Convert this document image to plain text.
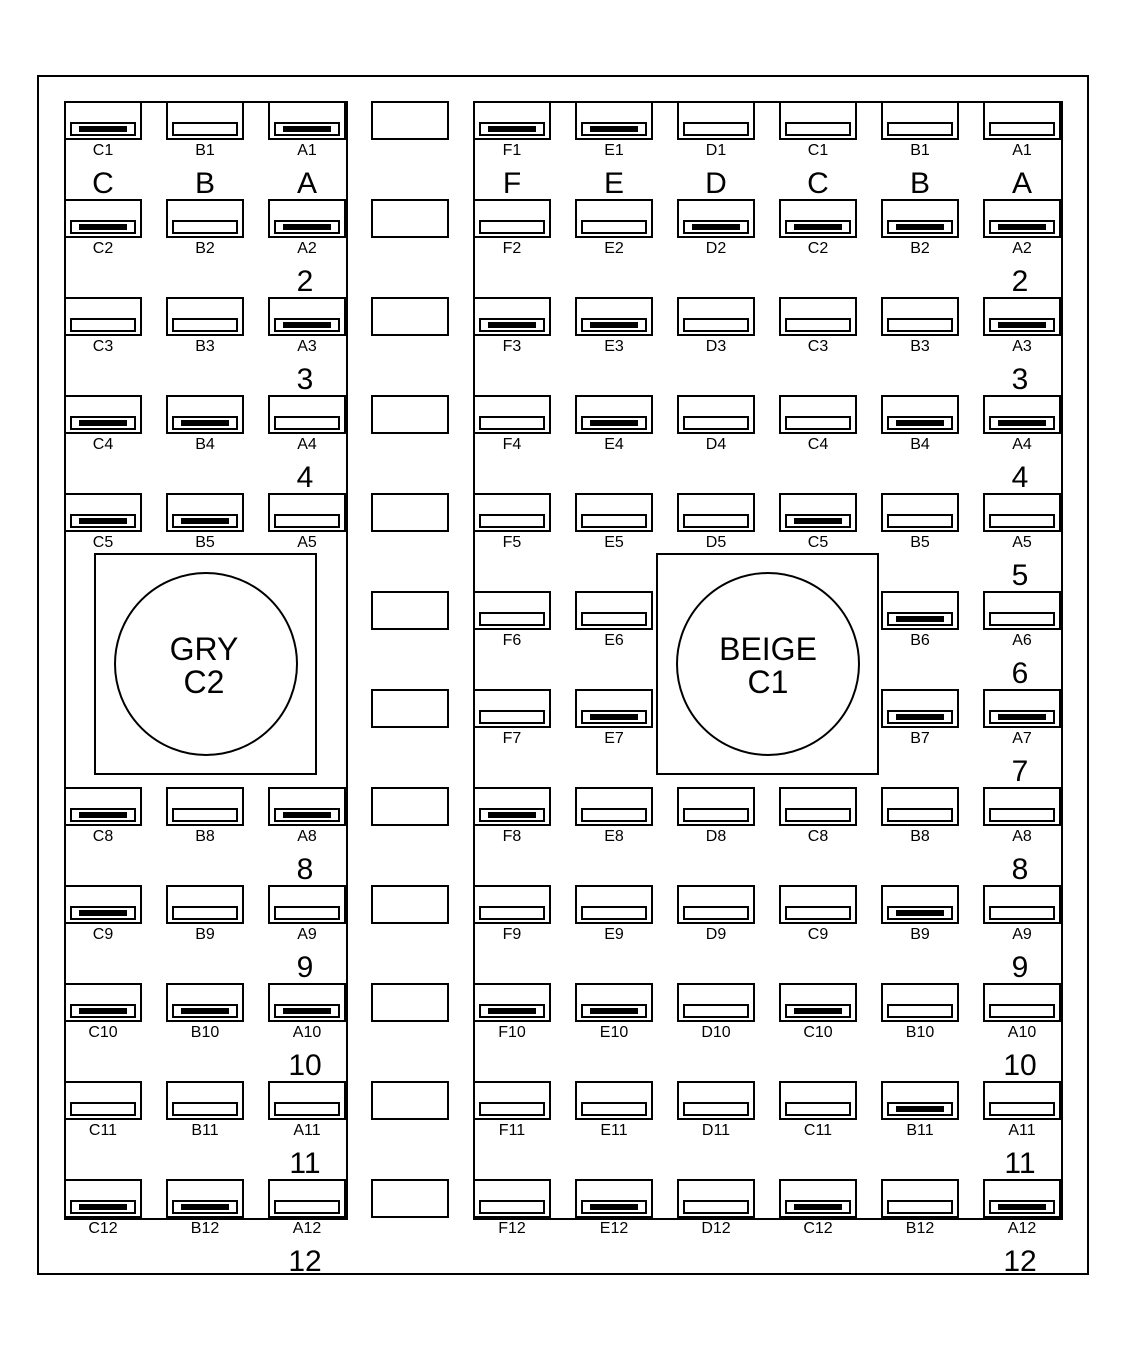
C1	B1	A1
C	B	A
C2	B2	A2
2
C3	B3	A3
3
C4	B4	A4
4
C5	B5	A5
C8	B8	A8
8
C9	B9	A9
9
C10	B10	A10
10
C11	B11	A11
11
C12	B12	A12
12
F1	E1	D1	C1	B1	A1
F	E	D	C	B	A
F2	E2	D2	C2	B2	A2
2
F3	E3	D3	C3	B3	A3
3
F4	E4	D4	C4	B4	A4
4
F5	E5	D5	C5	B5	A5
5
F6	E6	B6	A6
6
F7	E7	B7	A7
7
F8	E8	D8	C8	B8	A8
8
F9	E9	D9	C9	B9	A9
9
F10	E10	D10	C10	B10	A10
10
F11	E11	D11	C11	B11	A11
11
F12	E12	D12	C12	B12	A12
12
GRY
C2
BEIGE
C1
